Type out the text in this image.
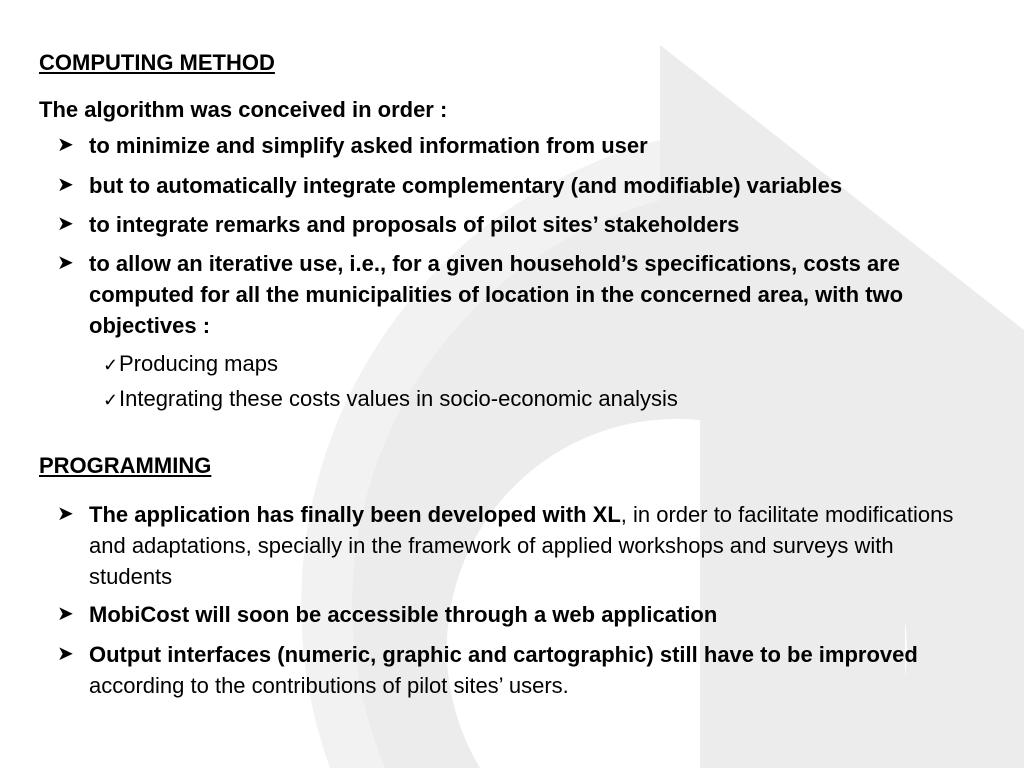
COMPUTING METHOD
The algorithm was conceived in order :
➤ to minimize and simplify asked information from user
➤ but to automatically integrate complementary (and modifiable) variables
➤ to integrate remarks and proposals of pilot sites’ stakeholders
➤ to allow an iterative use, i.e., for a given household’s specifications, costs are computed for all the municipalities of location in the concerned area, with two objectives :
✓Producing maps
✓Integrating these costs values in socio-economic analysis
PROGRAMMING
➤ The application has finally been developed with XL, in order to facilitate modifications and adaptations, specially in the framework of applied workshops and surveys with students
➤ MobiCost will soon be accessible through a web application
➤ Output interfaces (numeric, graphic and cartographic) still have to be improved according to the contributions of pilot sites’ users.
